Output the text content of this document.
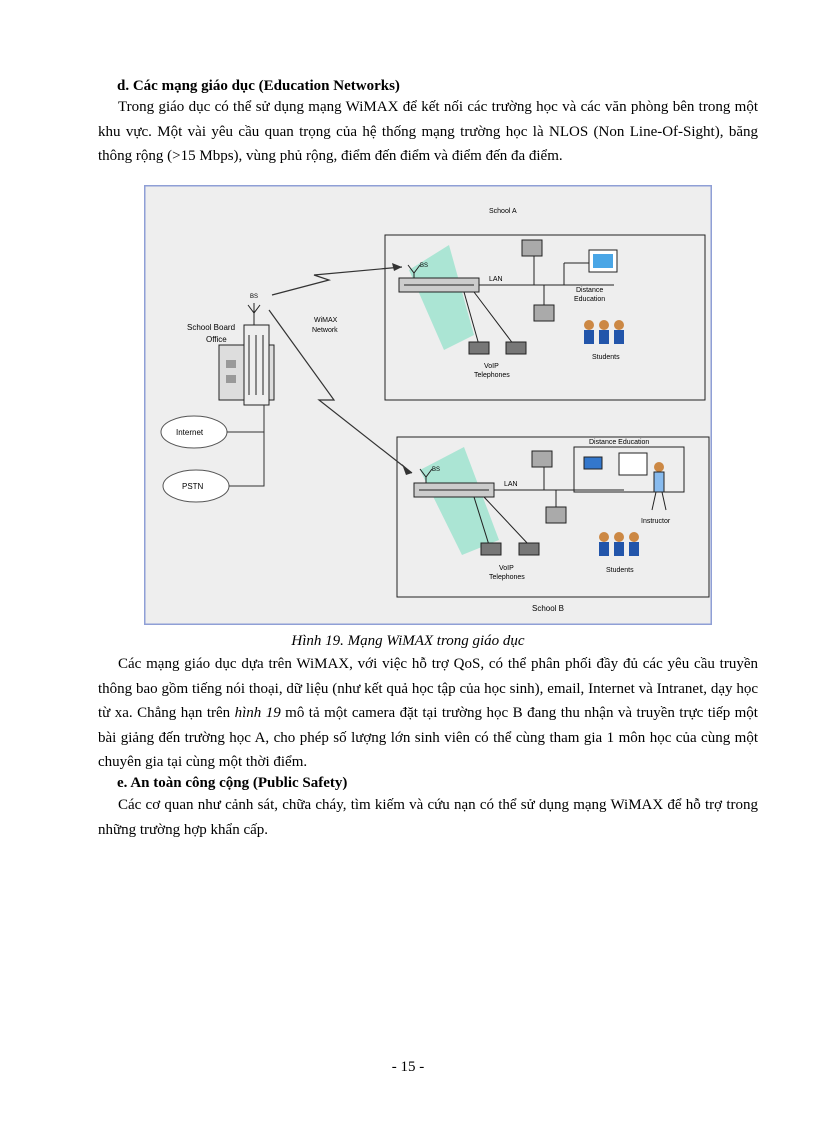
d. Các mạng giáo dục (Education Networks)

Trong giáo dục có thể sử dụng mạng WiMAX để kết nối các trường học và các văn phòng bên trong một khu vực. Một vài yêu cầu quan trọng của hệ thống mạng trường học là NLOS (Non Line-Of-Sight), băng thông rộng (>15 Mbps), vùng phủ rộng, điểm đến điểm và điểm đến đa điểm.

School A
School B
BS
School Board
Office
Internet
PSTN
WiMAX
Network
BS
LAN
Distance
Education
Students
VoIP
Telephones
BS
LAN
Distance Education
Instructor
Students
VoIP
Telephones
Hình 19. Mạng WiMAX trong giáo dục

Các mạng giáo dục dựa trên WiMAX, với việc hỗ trợ QoS, có thể phân phối đầy đủ các yêu cầu truyền thông bao gồm tiếng nói thoại, dữ liệu (như kết quả học tập của học sinh), email, Internet và Intranet, dạy học từ xa. Chẳng hạn trên hình 19 mô tả một camera đặt tại trường học B đang thu nhận và truyền trực tiếp một bài giảng đến trường học A, cho phép số lượng lớn sinh viên có thể cùng tham gia 1 môn học của cùng một chuyên gia tại cùng một thời điểm.

e. An toàn công cộng (Public Safety)

Các cơ quan như cảnh sát, chữa cháy, tìm kiếm và cứu nạn có thể sử dụng mạng WiMAX để hỗ trợ trong những trường hợp khẩn cấp.

- 15 -
